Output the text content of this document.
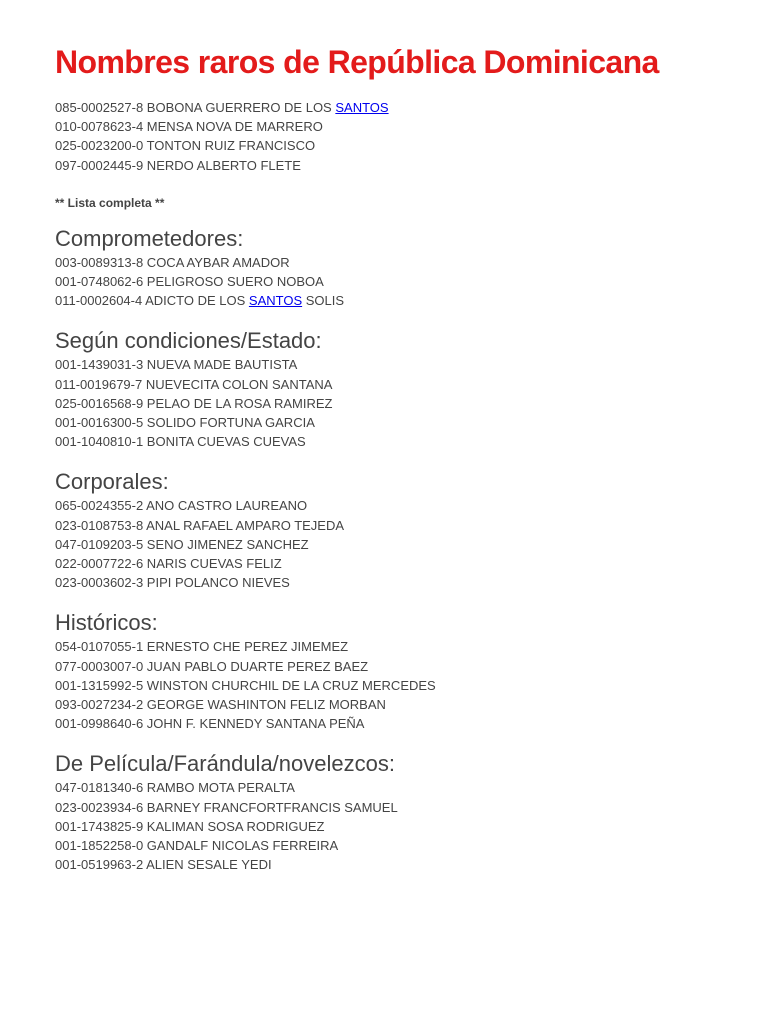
Nombres raros de República Dominicana
085-0002527-8 BOBONA GUERRERO DE LOS SANTOS
010-0078623-4 MENSA NOVA DE MARRERO
025-0023200-0 TONTON RUIZ FRANCISCO
097-0002445-9 NERDO ALBERTO FLETE
** Lista completa **
Comprometedores:
003-0089313-8 COCA AYBAR AMADOR
001-0748062-6 PELIGROSO SUERO NOBOA
011-0002604-4 ADICTO DE LOS SANTOS SOLIS
Según condiciones/Estado:
001-1439031-3 NUEVA MADE BAUTISTA
011-0019679-7 NUEVECITA COLON SANTANA
025-0016568-9 PELAO DE LA ROSA RAMIREZ
001-0016300-5 SOLIDO FORTUNA GARCIA
001-1040810-1 BONITA CUEVAS CUEVAS
Corporales:
065-0024355-2 ANO CASTRO LAUREANO
023-0108753-8 ANAL RAFAEL AMPARO TEJEDA
047-0109203-5 SENO JIMENEZ SANCHEZ
022-0007722-6 NARIS CUEVAS FELIZ
023-0003602-3 PIPI POLANCO NIEVES
Históricos:
054-0107055-1 ERNESTO CHE PEREZ JIMEMEZ
077-0003007-0 JUAN PABLO DUARTE PEREZ BAEZ
001-1315992-5 WINSTON CHURCHIL DE LA CRUZ MERCEDES
093-0027234-2 GEORGE WASHINTON FELIZ MORBAN
001-0998640-6 JOHN F. KENNEDY SANTANA PEÑA
De Película/Farándula/novelezcos:
047-0181340-6 RAMBO MOTA PERALTA
023-0023934-6 BARNEY FRANCFORTFRANCIS SAMUEL
001-1743825-9 KALIMAN SOSA RODRIGUEZ
001-1852258-0 GANDALF NICOLAS FERREIRA
001-0519963-2 ALIEN SESALE YEDI
